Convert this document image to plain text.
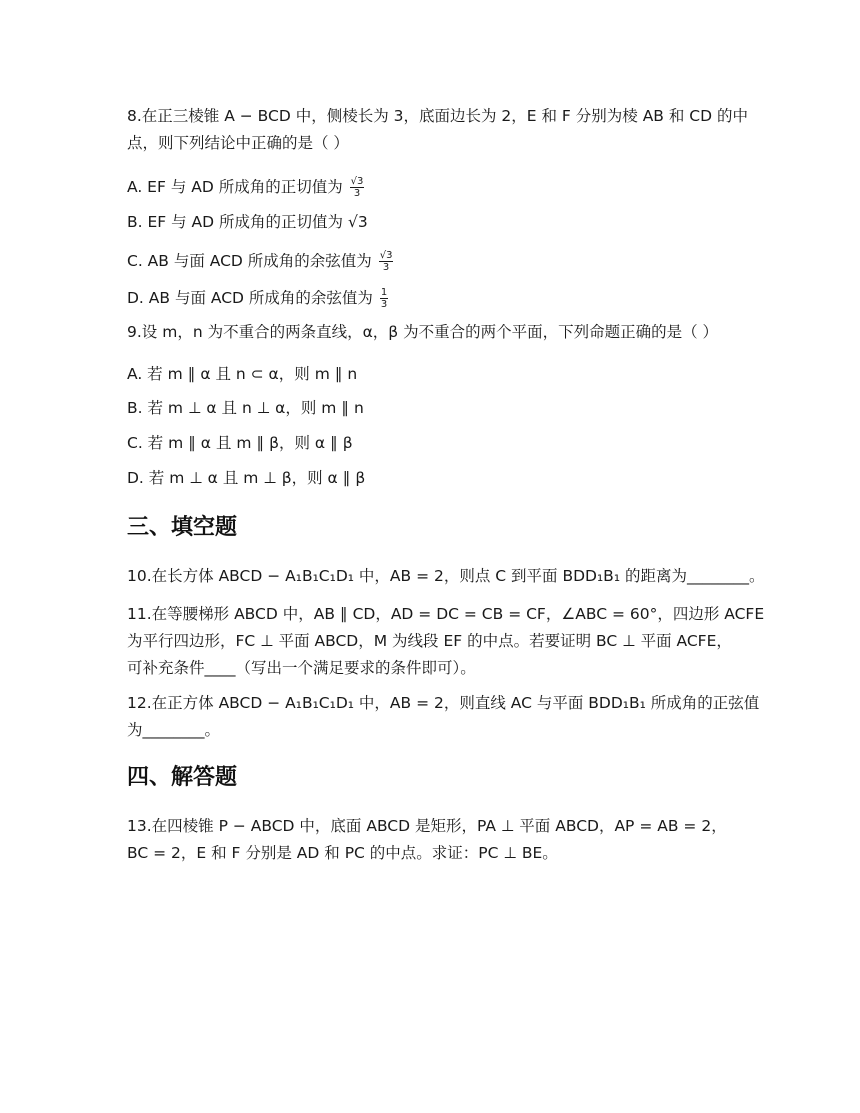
8.在正三棱锥 A − BCD 中，侧棱长为 3，底面边长为 2，E 和 F 分别为棱 AB 和 CD 的中
点，则下列结论中正确的是（ ）
A. EF 与 AD 所成角的正切值为 $\frac{√3}{3}$
B. EF 与 AD 所成角的正切值为 √3
C. AB 与面 ACD 所成角的余弦值为 $\frac{√3}{3}$
D. AB 与面 ACD 所成角的余弦值为 $\frac{1}{3}$
9.设 m，n 为不重合的两条直线，α，β 为不重合的两个平面，下列命题正确的是（ ）
A. 若 m ∥ α 且 n ⊂ α，则 m ∥ n
B. 若 m ⊥ α 且 n ⊥ α，则 m ∥ n
C. 若 m ∥ α 且 m ∥ β，则 α ∥ β
D. 若 m ⊥ α 且 m ⊥ β，则 α ∥ β
三、填空题
10.在长方体 ABCD − A₁B₁C₁D₁ 中，AB = 2，则点 C 到平面 BDD₁B₁ 的距离为________。
11.在等腰梯形 ABCD 中，AB ∥ CD，AD = DC = CB = CF，∠ABC = 60°，四边形 ACFE
为平行四边形，FC ⊥ 平面 ABCD，M 为线段 EF 的中点。若要证明 BC ⊥ 平面 ACFE，
可补充条件____（写出一个满足要求的条件即可）。
12.在正方体 ABCD − A₁B₁C₁D₁ 中，AB = 2，则直线 AC 与平面 BDD₁B₁ 所成角的正弦值
为________。
四、解答题
13.在四棱锥 P − ABCD 中，底面 ABCD 是矩形，PA ⊥ 平面 ABCD，AP = AB = 2，
BC = 2，E 和 F 分别是 AD 和 PC 的中点。求证：PC ⊥ BE。
